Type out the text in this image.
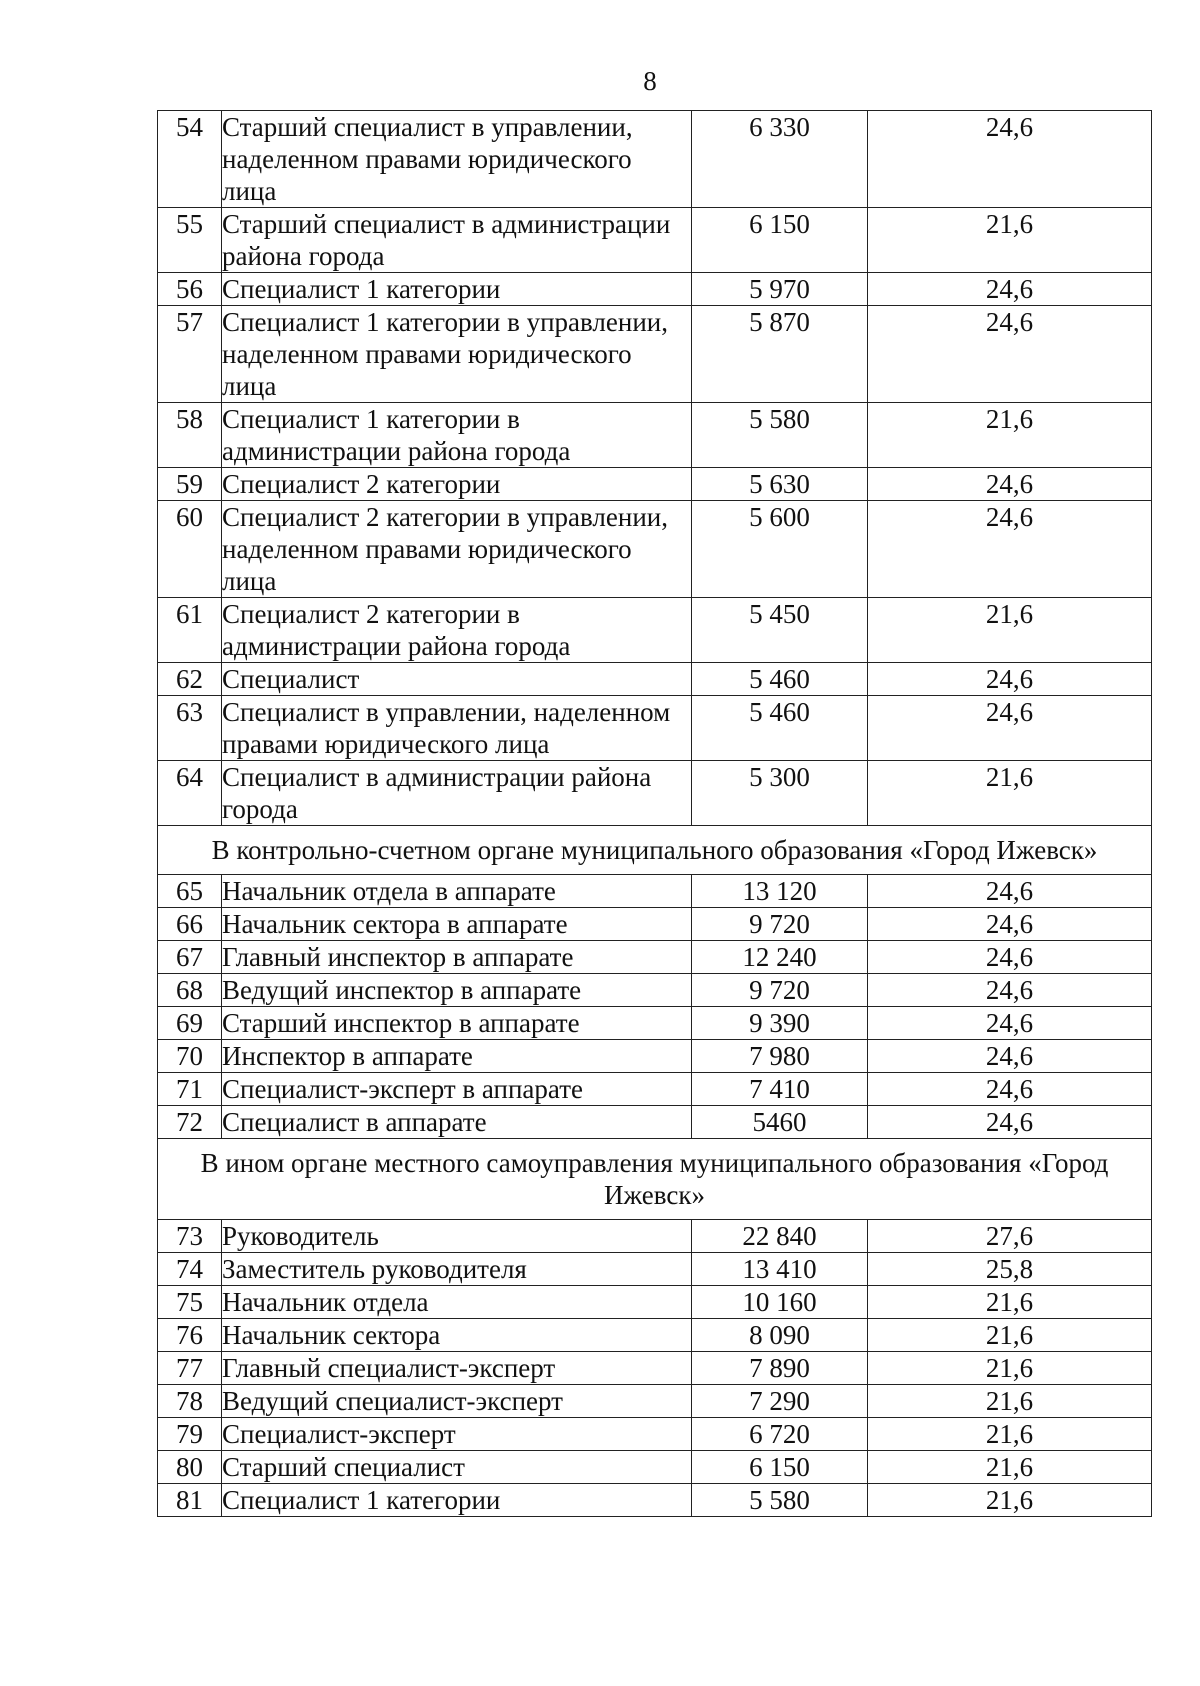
8
54	Старший специалист в управлении, наделенном правами юридического лица	6 330	24,6
55	Старший специалист в администрации района города	6 150	21,6
56	Специалист 1 категории	5 970	24,6
57	Специалист 1 категории в управлении, наделенном правами юридического лица	5 870	24,6
58	Специалист 1 категории в администрации района города	5 580	21,6
59	Специалист 2 категории	5 630	24,6
60	Специалист 2 категории в управлении, наделенном правами юридического лица	5 600	24,6
61	Специалист 2 категории в администрации района города	5 450	21,6
62	Специалист	5 460	24,6
63	Специалист в управлении, наделенном правами юридического лица	5 460	24,6
64	Специалист в администрации района города	5 300	21,6
В контрольно-счетном органе муниципального образования «Город Ижевск»			
65	Начальник отдела в аппарате	13 120	24,6
66	Начальник сектора в аппарате	9 720	24,6
67	Главный инспектор в аппарате	12 240	24,6
68	Ведущий инспектор в аппарате	9 720	24,6
69	Старший инспектор в аппарате	9 390	24,6
70	Инспектор в аппарате	7 980	24,6
71	Специалист-эксперт в аппарате	7 410	24,6
72	Специалист в аппарате	5460	24,6
В ином органе местного самоуправления муниципального образования «Город Ижевск»			
73	Руководитель	22 840	27,6
74	Заместитель руководителя	13 410	25,8
75	Начальник отдела	10 160	21,6
76	Начальник сектора	8 090	21,6
77	Главный специалист-эксперт	7 890	21,6
78	Ведущий специалист-эксперт	7 290	21,6
79	Специалист-эксперт	6 720	21,6
80	Старший специалист	6 150	21,6
81	Специалист 1 категории	5 580	21,6
